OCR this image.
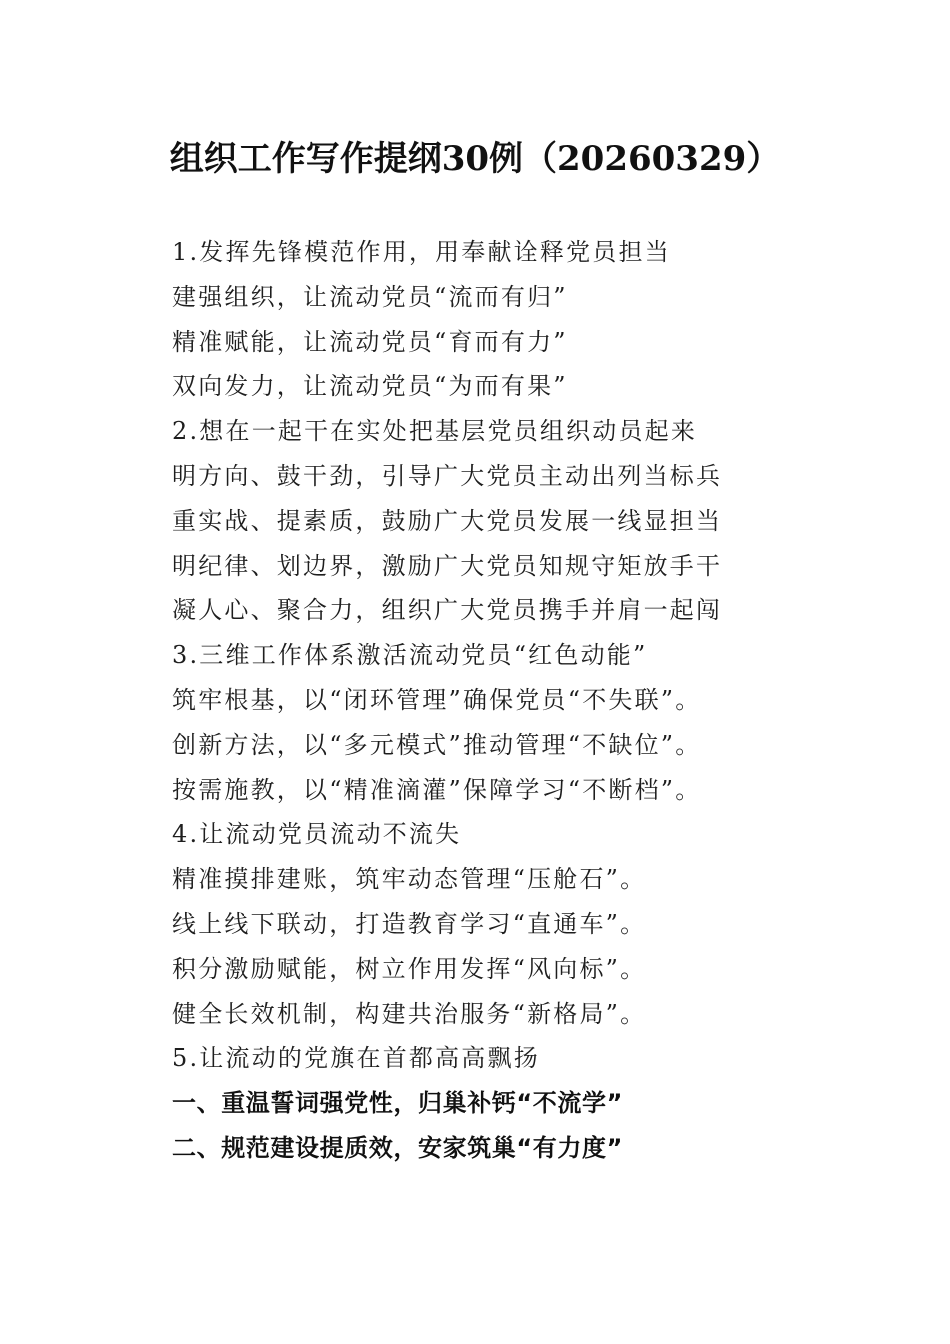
组织工作写作提纲30例（20260329）
1.发挥先锋模范作用，用奉献诠释党员担当
建强组织，让流动党员“流而有归”
精准赋能，让流动党员“育而有力”
双向发力，让流动党员“为而有果”
2.想在一起干在实处把基层党员组织动员起来
明方向、鼓干劲，引导广大党员主动出列当标兵
重实战、提素质，鼓励广大党员发展一线显担当
明纪律、划边界，激励广大党员知规守矩放手干
凝人心、聚合力，组织广大党员携手并肩一起闯
3.三维工作体系激活流动党员“红色动能”
筑牢根基，以“闭环管理”确保党员“不失联”。
创新方法，以“多元模式”推动管理“不缺位”。
按需施教，以“精准滴灌”保障学习“不断档”。
4.让流动党员流动不流失
精准摸排建账，筑牢动态管理“压舱石”。
线上线下联动，打造教育学习“直通车”。
积分激励赋能，树立作用发挥“风向标”。
健全长效机制，构建共治服务“新格局”。
5.让流动的党旗在首都高高飘扬
一、重温誓词强党性，归巢补钙“不流学”
二、规范建设提质效，安家筑巢“有力度”
